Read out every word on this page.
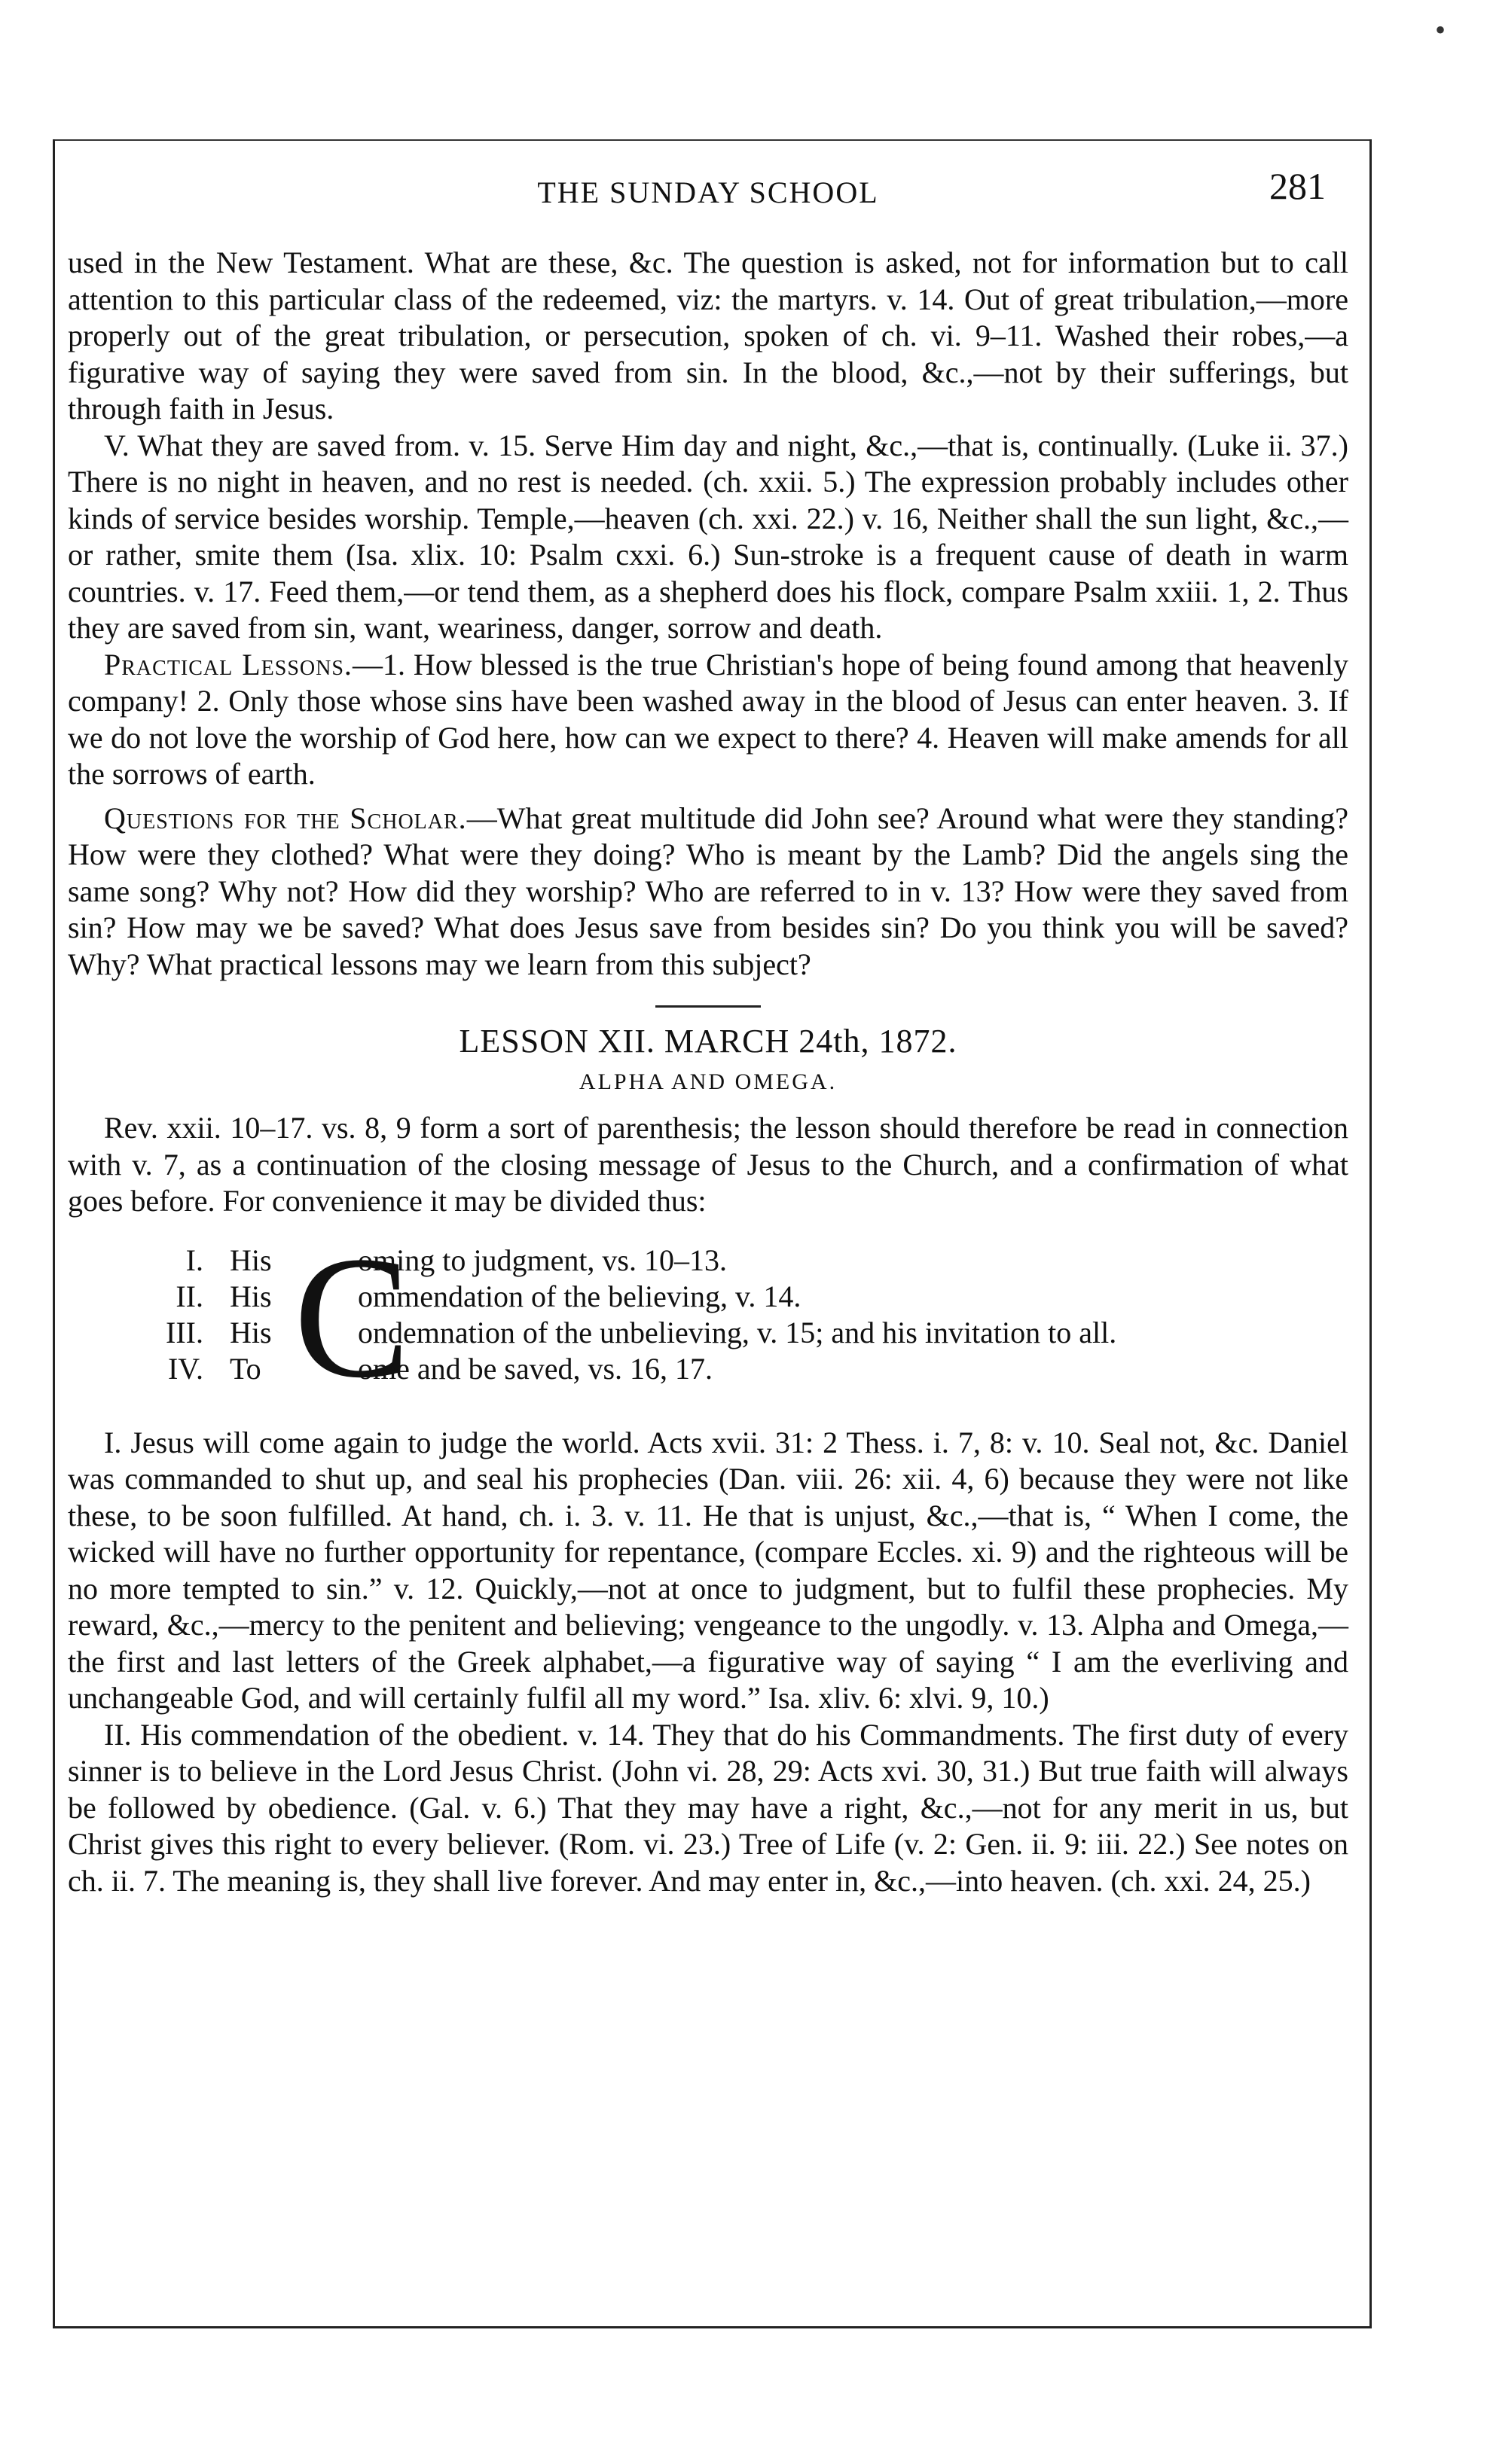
•
THE SUNDAY SCHOOL	281

used in the New Testament. What are these, &c. The question is asked, not for information but to call attention to this particular class of the redeemed, viz: the martyrs. v. 14. Out of great tribulation,—more properly out of the great tribulation, or persecution, spoken of ch. vi. 9–11. Washed their robes,—a figurative way of saying they were saved from sin. In the blood, &c.,—not by their sufferings, but through faith in Jesus.

V. What they are saved from. v. 15. Serve Him day and night, &c.,—that is, continually. (Luke ii. 37.) There is no night in heaven, and no rest is needed. (ch. xxii. 5.) The expression probably includes other kinds of service besides worship. Temple,—heaven (ch. xxi. 22.) v. 16, Neither shall the sun light, &c.,—or rather, smite them (Isa. xlix. 10: Psalm cxxi. 6.) Sun-stroke is a frequent cause of death in warm countries. v. 17. Feed them,—or tend them, as a shepherd does his flock, compare Psalm xxiii. 1, 2. Thus they are saved from sin, want, weariness, danger, sorrow and death.

Practical Lessons.—1. How blessed is the true Christian's hope of being found among that heavenly company! 2. Only those whose sins have been washed away in the blood of Jesus can enter heaven. 3. If we do not love the worship of God here, how can we expect to there? 4. Heaven will make amends for all the sorrows of earth.

Questions for the Scholar.—What great multitude did John see? Around what were they standing? How were they clothed? What were they doing? Who is meant by the Lamb? Did the angels sing the same song? Why not? How did they worship? Who are referred to in v. 13? How were they saved from sin? How may we be saved? What does Jesus save from besides sin? Do you think you will be saved? Why? What practical lessons may we learn from this subject?

LESSON XII. MARCH 24th, 1872.
ALPHA AND OMEGA.

Rev. xxii. 10–17. vs. 8, 9 form a sort of parenthesis; the lesson should therefore be read in connection with v. 7, as a continuation of the closing message of Jesus to the Church, and a confirmation of what goes before. For convenience it may be divided thus:

C
I. His	oming to judgment, vs. 10–13.
II. His	ommendation of the believing, v. 14.
III. His	ondemnation of the unbelieving, v. 15; and his invitation to all.
IV. To	ome and be saved, vs. 16, 17.

I. Jesus will come again to judge the world. Acts xvii. 31: 2 Thess. i. 7, 8: v. 10. Seal not, &c. Daniel was commanded to shut up, and seal his prophecies (Dan. viii. 26: xii. 4, 6) because they were not like these, to be soon fulfilled. At hand, ch. i. 3. v. 11. He that is unjust, &c.,—that is, “ When I come, the wicked will have no further opportunity for repentance, (compare Eccles. xi. 9) and the righteous will be no more tempted to sin.” v. 12. Quickly,—not at once to judgment, but to fulfil these prophecies. My reward, &c.,—mercy to the penitent and believing; vengeance to the ungodly. v. 13. Alpha and Omega,—the first and last letters of the Greek alphabet,—a figurative way of saying “ I am the everliving and unchangeable God, and will certainly fulfil all my word.” Isa. xliv. 6: xlvi. 9, 10.)

II. His commendation of the obedient. v. 14. They that do his Commandments. The first duty of every sinner is to believe in the Lord Jesus Christ. (John vi. 28, 29: Acts xvi. 30, 31.) But true faith will always be followed by obedience. (Gal. v. 6.) That they may have a right, &c.,—not for any merit in us, but Christ gives this right to every believer. (Rom. vi. 23.) Tree of Life (v. 2: Gen. ii. 9: iii. 22.) See notes on ch. ii. 7. The meaning is, they shall live forever. And may enter in, &c.,—into heaven. (ch. xxi. 24, 25.)
